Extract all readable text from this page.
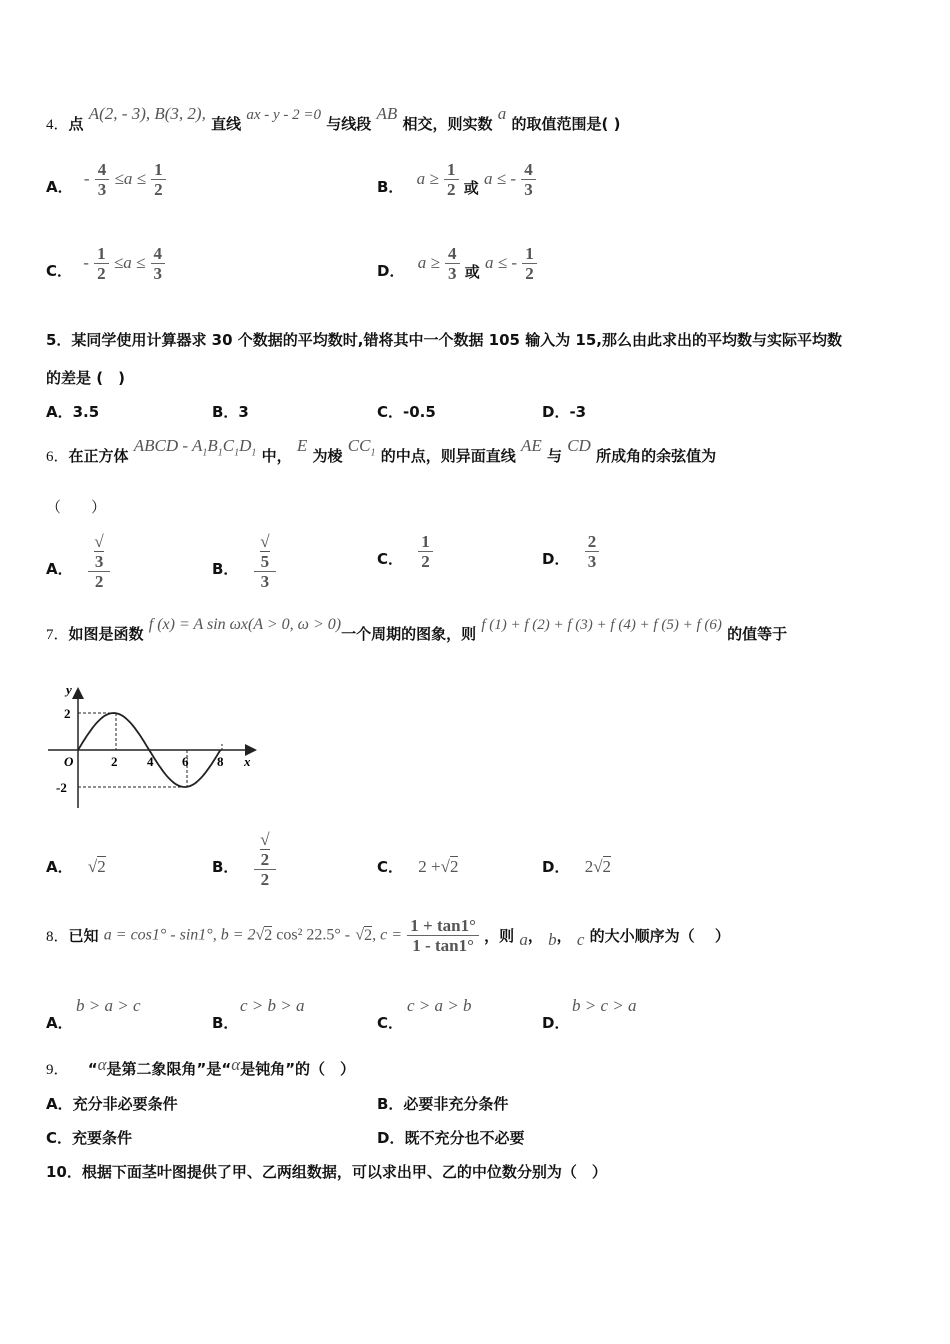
4．点 A(2, - 3), B(3, 2), 直线 ax - y - 2 =0 与线段 AB 相交，则实数 a 的取值范围是( )
A． - $\frac{4}{3} \le a \le \frac{1}{2}$	B． $a \ge \frac{1}{2}$ 或 a ≤ - $\frac{4}{3}$
C． - $\frac{1}{2} \le a \le \frac{4}{3}$	D． $a \ge \frac{4}{3}$ 或 a ≤ - $\frac{1}{2}$
5．某同学使用计算器求 30 个数据的平均数时,错将其中一个数据 105 输入为 15,那么由此求出的平均数与实际平均数
的差是 (　)
A．3.5	B．3	C．-0.5	D．-3
6．在正方体 ABCD - $A_1B_1C_1D_1$ 中， E 为棱 $CC_1$ 的中点，则异面直线 AE 与 CD 所成角的余弦值为
（　　）
A． √
3
2	B． √
5
3	C． $\frac{1}{2}$	D． $\frac{2}{3}$
7．如图是函数 f (x) = A sin ωx(A > 0, ω > 0)一个周期的图象，则 f (1) + f (2) + f (3) + f (4) + f (5) + f (6) 的值等于
y
x
O
2
-2
2 4 6 8
A． √2	B． √
2
2	C． 2 +√2	D． 2√2
8．已知 a = cos1° - sin1°, b = 2√2 cos² 22.5° - √2, $c = \frac{1 + \tan 1^\circ}{1 - \tan 1^\circ}$ ，则 a， b， c 的大小顺序为（　 ）
A．
b > a > c
B．
c > b > a
C．
c > a > b
D．
b > c > a
9． “α是第二象限角”是“α是钝角”的（　）
A．充分非必要条件	B．必要非充分条件
C．充要条件	D．既不充分也不必要
10．根据下面茎叶图提供了甲、乙两组数据，可以求出甲、乙的中位数分别为（　）
